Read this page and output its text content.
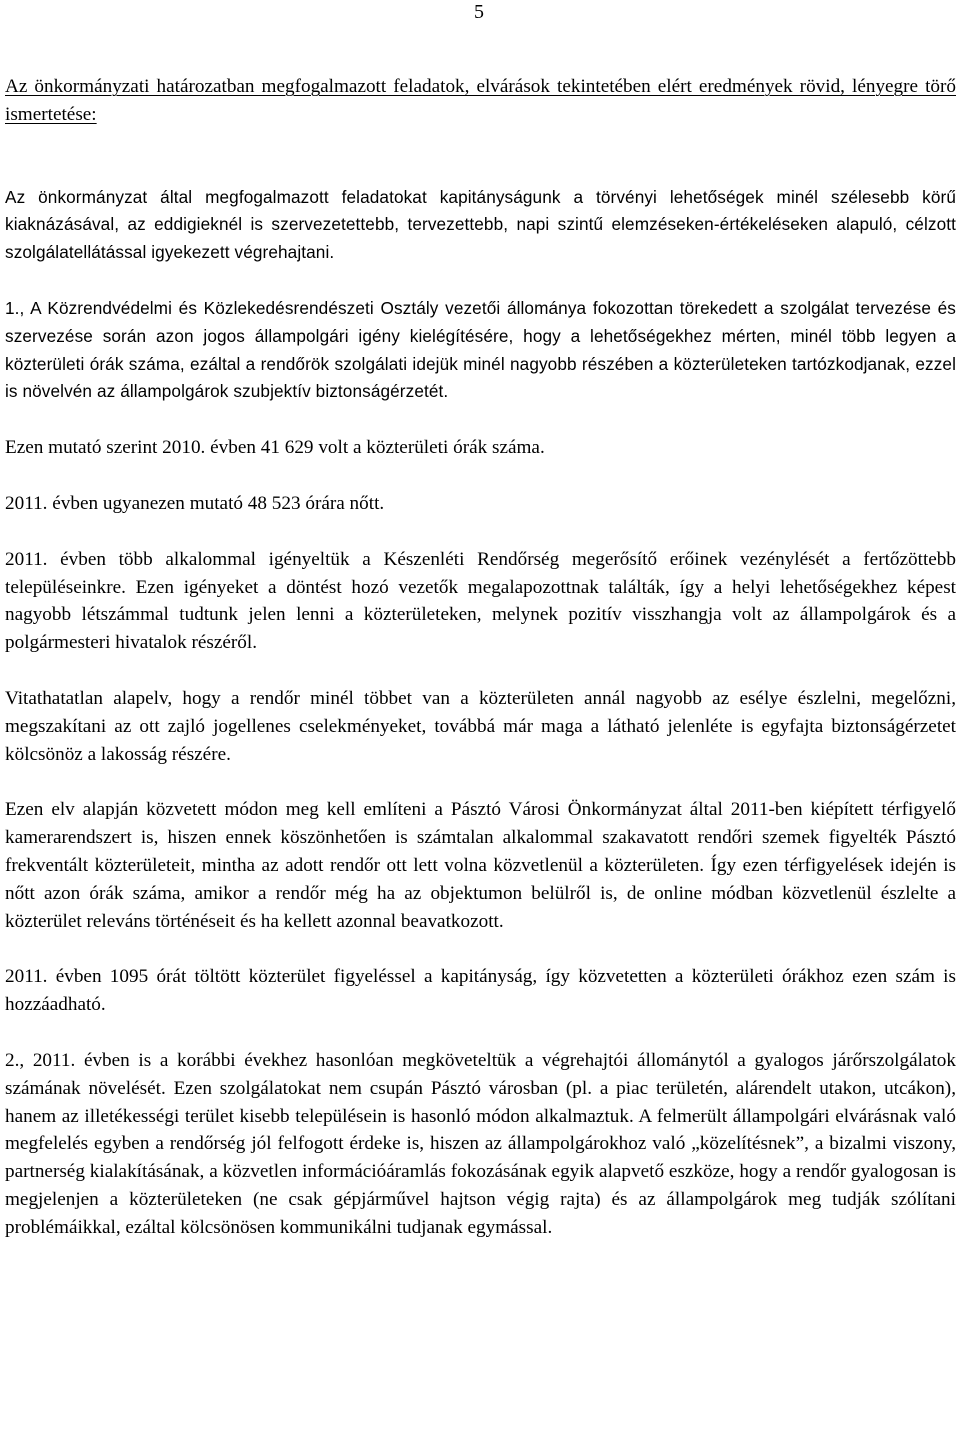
5

Az önkormányzati határozatban megfogalmazott feladatok, elvárások tekintetében elért eredmények rövid, lényegre törő ismertetése:

Az önkormányzat által megfogalmazott feladatokat kapitányságunk a törvényi lehetőségek minél szélesebb körű kiaknázásával, az eddigieknél is szervezetettebb, tervezettebb, napi szintű elemzéseken-értékeléseken alapuló, célzott szolgálatellátással igyekezett végrehajtani.

1., A Közrendvédelmi és Közlekedésrendészeti Osztály vezetői állománya fokozottan törekedett a szolgálat tervezése és szervezése során azon jogos állampolgári igény kielégítésére, hogy a lehetőségekhez mérten, minél több legyen a közterületi órák száma, ezáltal a rendőrök szolgálati idejük minél nagyobb részében a közterületeken tartózkodjanak, ezzel is növelvén az állampolgárok szubjektív biztonságérzetét.

Ezen mutató szerint 2010. évben 41 629 volt a közterületi órák száma.

2011. évben ugyanezen mutató 48 523 órára nőtt.

2011. évben több alkalommal igényeltük a Készenléti Rendőrség megerősítő erőinek vezénylését a fertőzöttebb településeinkre. Ezen igényeket a döntést hozó vezetők megalapozottnak találták, így a helyi lehetőségekhez képest nagyobb létszámmal tudtunk jelen lenni a közterületeken, melynek pozitív visszhangja volt az állampolgárok és a polgármesteri hivatalok részéről.

Vitathatatlan alapelv, hogy a rendőr minél többet van a közterületen annál nagyobb az esélye észlelni, megelőzni, megszakítani az ott zajló jogellenes cselekményeket, továbbá már maga a látható jelenléte is egyfajta biztonságérzetet kölcsönöz a lakosság részére.

Ezen elv alapján közvetett módon meg kell említeni a Pásztó Városi Önkormányzat által 2011-ben kiépített térfigyelő kamerarendszert is, hiszen ennek köszönhetően is számtalan alkalommal szakavatott rendőri szemek figyelték Pásztó frekventált közterületeit, mintha az adott rendőr ott lett volna közvetlenül a közterületen. Így ezen térfigyelések idején is nőtt azon órák száma, amikor a rendőr még ha az objektumon belülről is, de online módban közvetlenül észlelte a közterület releváns történéseit és ha kellett azonnal beavatkozott.

2011. évben 1095 órát töltött közterület figyeléssel a kapitányság, így közvetetten a közterületi órákhoz ezen szám is hozzáadható.

2., 2011. évben is a korábbi évekhez hasonlóan megköveteltük a végrehajtói állománytól a gyalogos járőrszolgálatok számának növelését. Ezen szolgálatokat nem csupán Pásztó városban (pl. a piac területén, alárendelt utakon, utcákon), hanem az illetékességi terület kisebb településein is hasonló módon alkalmaztuk. A felmerült állampolgári elvárásnak való megfelelés egyben a rendőrség jól felfogott érdeke is, hiszen az állampolgárokhoz való „közelítésnek”, a bizalmi viszony, partnerség kialakításának, a közvetlen információáramlás fokozásának egyik alapvető eszköze, hogy a rendőr gyalogosan is megjelenjen a közterületeken (ne csak gépjárművel hajtson végig rajta) és az állampolgárok meg tudják szólítani problémáikkal, ezáltal kölcsönösen kommunikálni tudjanak egymással.
